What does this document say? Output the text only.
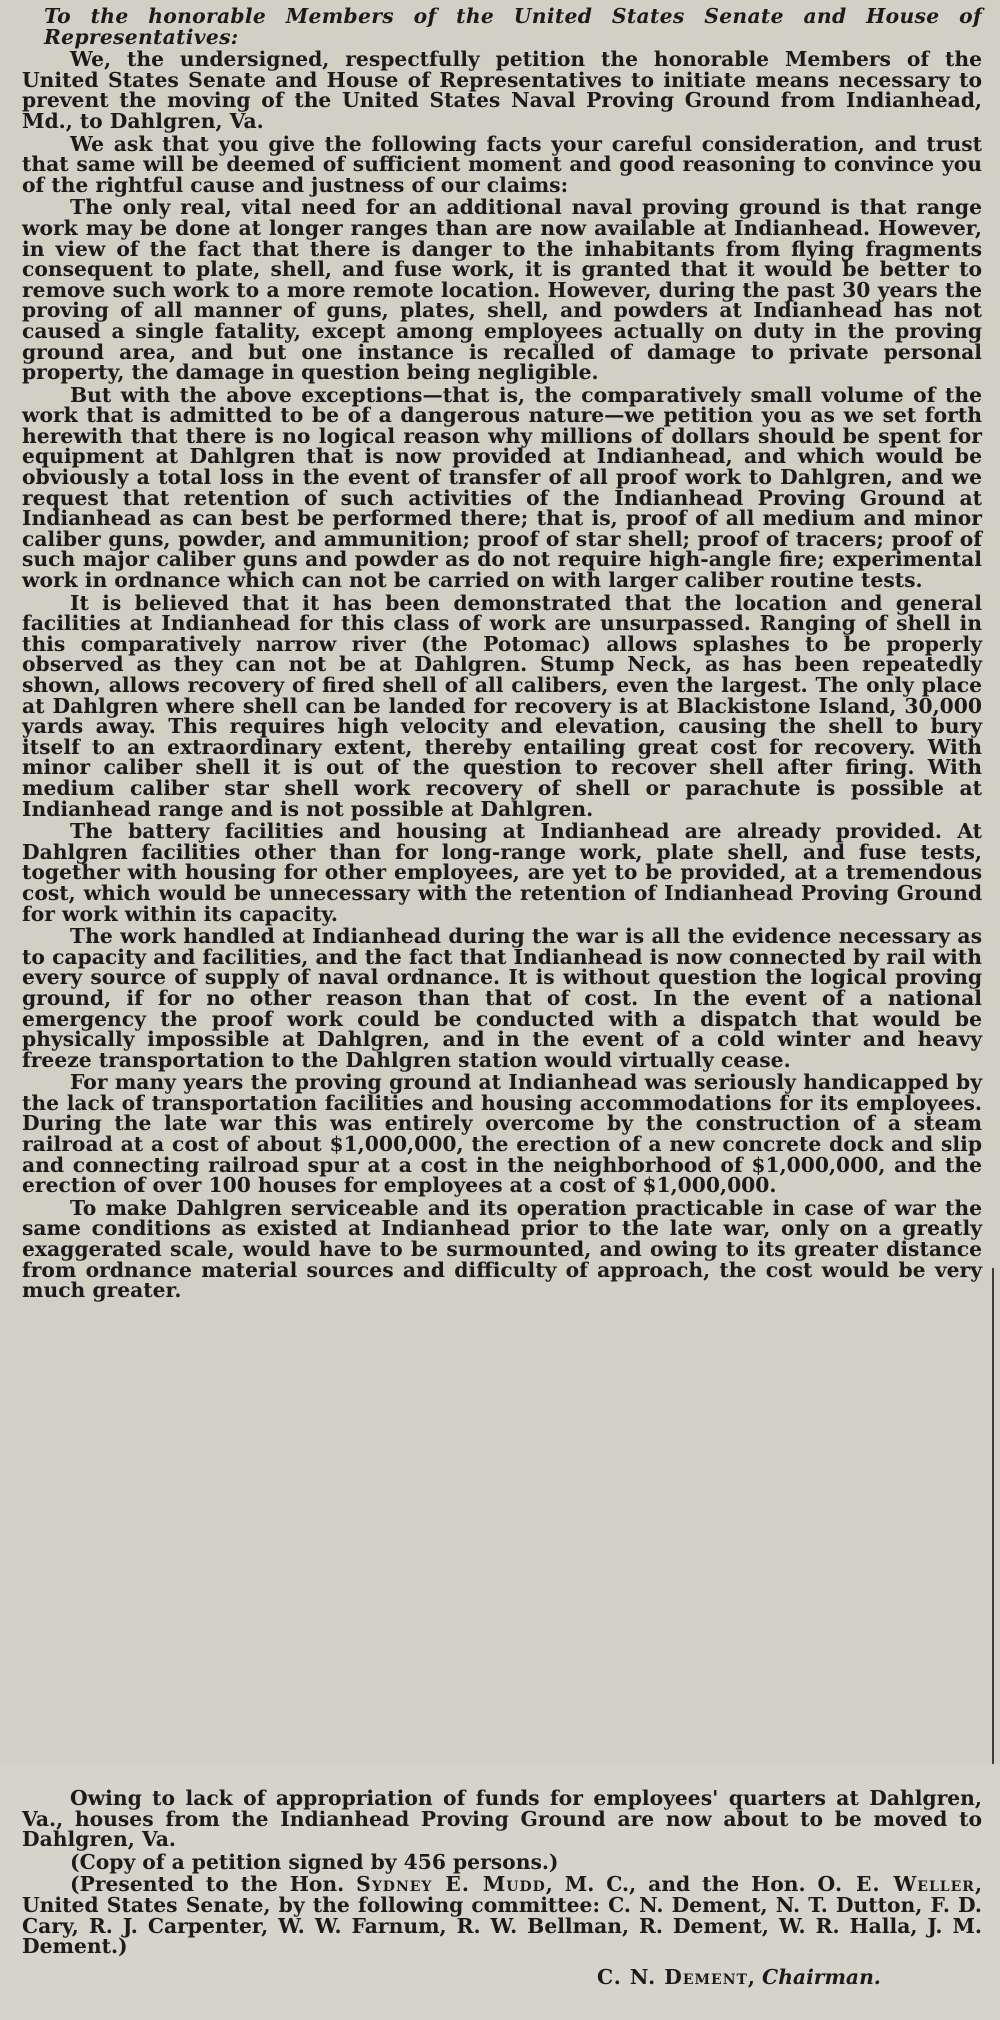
To the honorable Members of the United States Senate and House of Representatives:

We, the undersigned, respectfully petition the honorable Members of the United States Senate and House of Representatives to initiate means necessary to prevent the moving of the United States Naval Proving Ground from Indianhead, Md., to Dahlgren, Va.

We ask that you give the following facts your careful consideration, and trust that same will be deemed of sufficient moment and good reasoning to convince you of the rightful cause and justness of our claims:

The only real, vital need for an additional naval proving ground is that range work may be done at longer ranges than are now available at Indianhead. However, in view of the fact that there is danger to the inhabitants from flying fragments consequent to plate, shell, and fuse work, it is granted that it would be better to remove such work to a more remote location. However, during the past 30 years the proving of all manner of guns, plates, shell, and powders at Indianhead has not caused a single fatality, except among employees actually on duty in the proving ground area, and but one instance is recalled of damage to private personal property, the damage in question being negligible.

But with the above exceptions—that is, the comparatively small volume of the work that is admitted to be of a dangerous nature—we petition you as we set forth herewith that there is no logical reason why millions of dollars should be spent for equipment at Dahlgren that is now provided at Indianhead, and which would be obviously a total loss in the event of transfer of all proof work to Dahlgren, and we request that retention of such activities of the Indianhead Proving Ground at Indianhead as can best be performed there; that is, proof of all medium and minor caliber guns, powder, and ammunition; proof of star shell; proof of tracers; proof of such major caliber guns and powder as do not require high-angle fire; experimental work in ordnance which can not be carried on with larger caliber routine tests.

It is believed that it has been demonstrated that the location and general facilities at Indianhead for this class of work are unsurpassed. Ranging of shell in this comparatively narrow river (the Potomac) allows splashes to be properly observed as they can not be at Dahlgren. Stump Neck, as has been repeatedly shown, allows recovery of fired shell of all calibers, even the largest. The only place at Dahlgren where shell can be landed for recovery is at Blackistone Island, 30,000 yards away. This requires high velocity and elevation, causing the shell to bury itself to an extraordinary extent, thereby entailing great cost for recovery. With minor caliber shell it is out of the question to recover shell after firing. With medium caliber star shell work recovery of shell or parachute is possible at Indianhead range and is not possible at Dahlgren.

The battery facilities and housing at Indianhead are already provided. At Dahlgren facilities other than for long-range work, plate shell, and fuse tests, together with housing for other employees, are yet to be provided, at a tremendous cost, which would be unnecessary with the retention of Indianhead Proving Ground for work within its capacity.

The work handled at Indianhead during the war is all the evidence necessary as to capacity and facilities, and the fact that Indianhead is now connected by rail with every source of supply of naval ordnance. It is without question the logical proving ground, if for no other reason than that of cost. In the event of a national emergency the proof work could be conducted with a dispatch that would be physically impossible at Dahlgren, and in the event of a cold winter and heavy freeze transportation to the Dahlgren station would virtually cease.

For many years the proving ground at Indianhead was seriously handicapped by the lack of transportation facilities and housing accommodations for its employees. During the late war this was entirely overcome by the construction of a steam railroad at a cost of about $1,000,000, the erection of a new concrete dock and slip and connecting railroad spur at a cost in the neighborhood of $1,000,000, and the erection of over 100 houses for employees at a cost of $1,000,000.

To make Dahlgren serviceable and its operation practicable in case of war the same conditions as existed at Indianhead prior to the late war, only on a greatly exaggerated scale, would have to be surmounted, and owing to its greater distance from ordnance material sources and difficulty of approach, the cost would be very much greater.

Owing to lack of appropriation of funds for employees' quarters at Dahlgren, Va., houses from the Indianhead Proving Ground are now about to be moved to Dahlgren, Va.

(Copy of a petition signed by 456 persons.)

(Presented to the Hon. Sydney E. Mudd, M. C., and the Hon. O. E. Weller, United States Senate, by the following committee: C. N. Dement, N. T. Dutton, F. D. Cary, R. J. Carpenter, W. W. Farnum, R. W. Bellman, R. Dement, W. R. Halla, J. M. Dement.)

C. N. Dement, Chairman.
